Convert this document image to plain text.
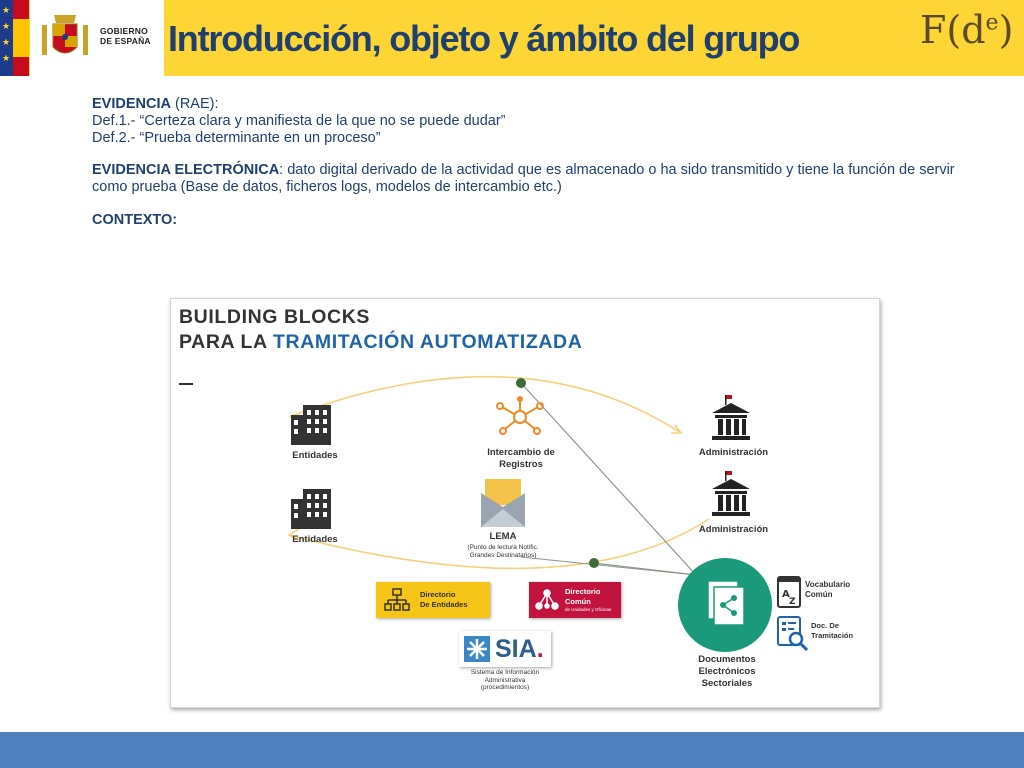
★
★
★
★
GOBIERNO
DE ESPAÑA Introducción, objeto y ámbito del grupo	$F(d^e)$

EVIDENCIA (RAE):

Def.1.- “Certeza clara y manifiesta de la que no se puede dudar”

Def.2.- “Prueba determinante en un proceso”

EVIDENCIA ELECTRÓNICA: dato digital derivado de la actividad que es almacenado o ha sido transmitido y tiene la función de servir como prueba (Base de datos, ficheros logs, modelos de intercambio etc.)

CONTEXTO:

A
Z
BUILDING BLOCKS
PARA LA TRAMITACIÓN AUTOMATIZADA
Entidades
Entidades
Intercambio de
Registros
Administración
Administración
LEMA
(Punto de lectura Notific.
Grandes Destinatarios)
Directorio
De Entidades
Directorio
Común
de Unidades y Oficinas
SIA.
Sistema de Información
Administrativa
(procedimientos)
Documentos
Electrónicos
Sectoriales
Vocabulario
Común
Doc. De
Tramitación
